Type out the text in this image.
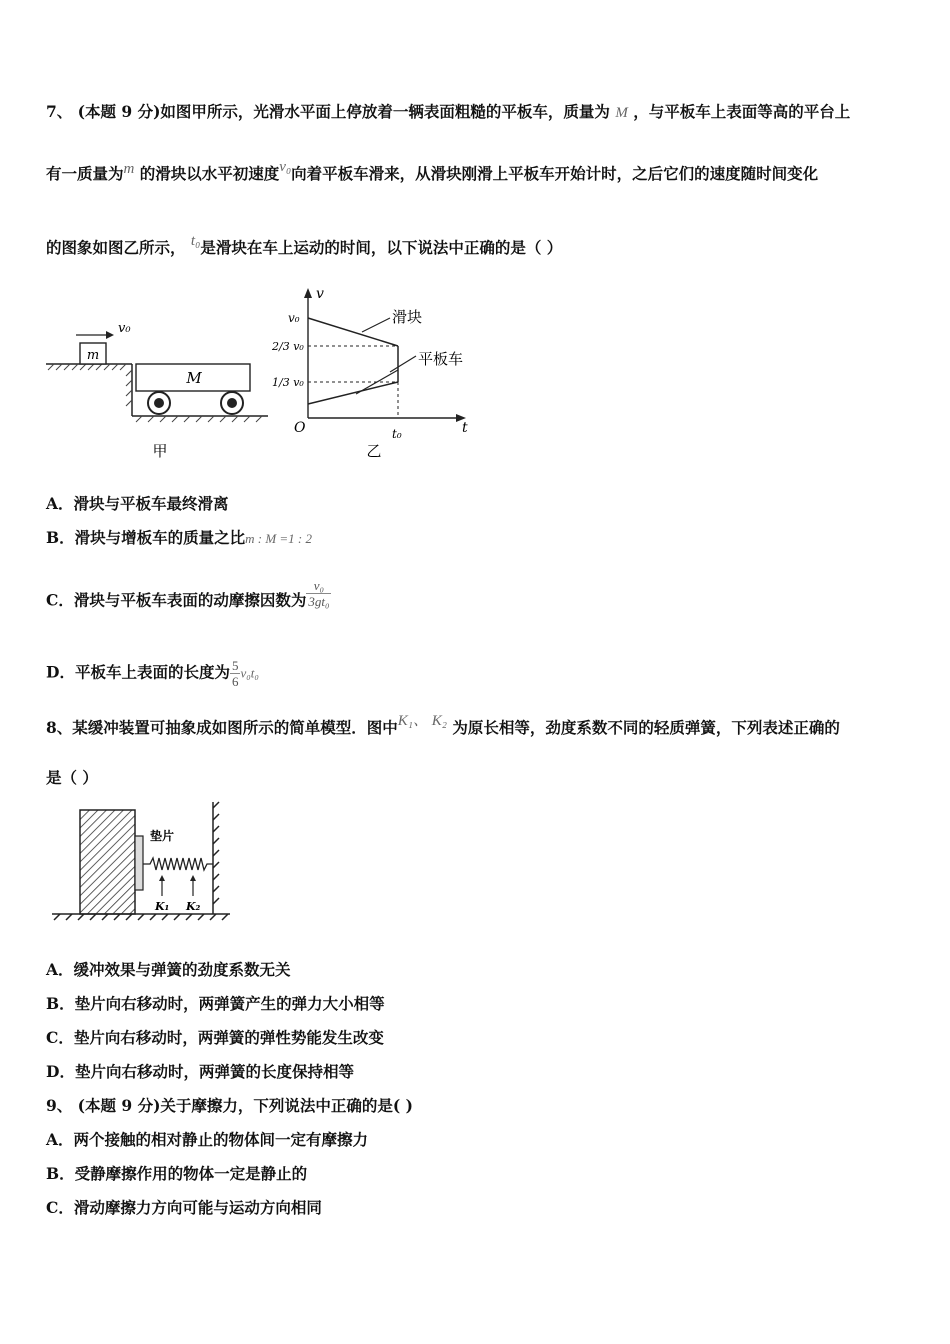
7、 (本题 9 分)如图甲所示，光滑水平面上停放着一辆表面粗糙的平板车，质量为 M ，与平板车上表面等高的平台上
有一质量为m 的滑块以水平初速度v₀向着平板车滑来，从滑块刚滑上平板车开始计时，之后它们的速度随时间变化
的图象如图乙所示， t₀是滑块在车上运动的时间，以下说法中正确的是（ ）
m
v₀
M
甲
v
t
O
v₀
2/3 v₀
1/3 v₀
t₀
滑块
平板车
乙
A．滑块与平板车最终滑离
B．滑块与增板车的质量之比m : M =1 : 2
C．滑块与平板车表面的动摩擦因数为 $\frac{\text{v₀}}{\text{3gt₀}}$
D．平板车上表面的长度为 $\frac{5}{6} v_0t_0$
8、某缓冲装置可抽象成如图所示的简单模型．图中K₁、 K₂ 为原长相等，劲度系数不同的轻质弹簧，下列表述正确的
是（ ）
垫片
K₁ K₂
A．缓冲效果与弹簧的劲度系数无关
B．垫片向右移动时，两弹簧产生的弹力大小相等
C．垫片向右移动时，两弹簧的弹性势能发生改变
D．垫片向右移动时，两弹簧的长度保持相等
9、 (本题 9 分)关于摩擦力，下列说法中正确的是( )
A．两个接触的相对静止的物体间一定有摩擦力
B．受静摩擦作用的物体一定是静止的
C．滑动摩擦力方向可能与运动方向相同
